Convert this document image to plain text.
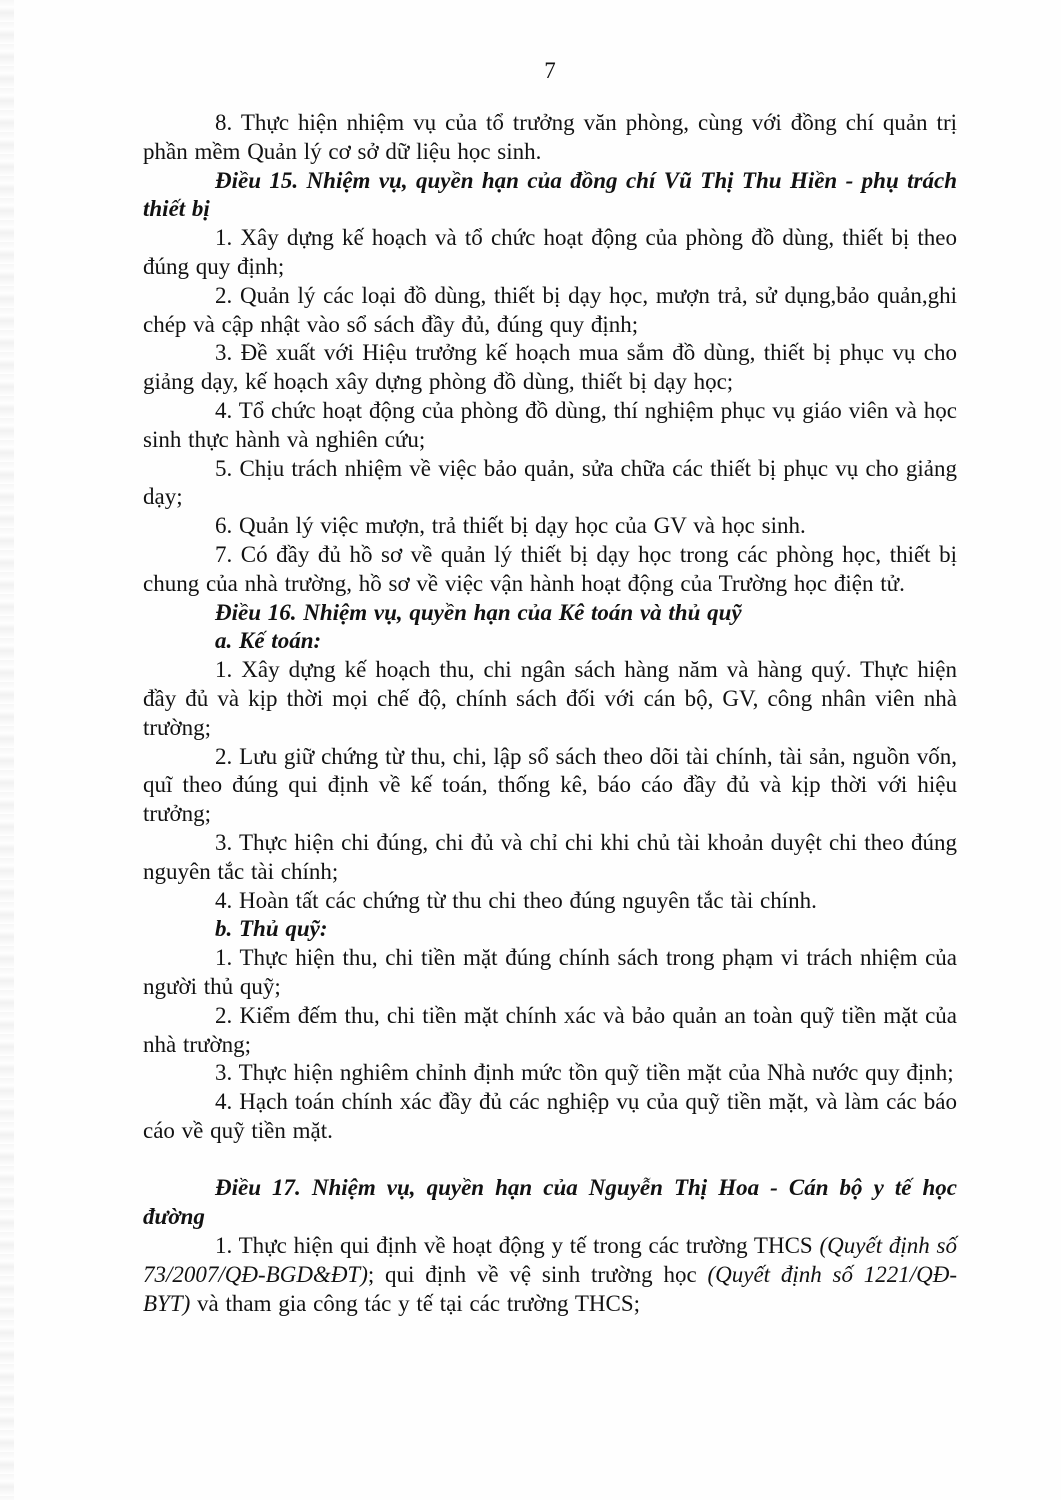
7

8. Thực hiện nhiệm vụ của tổ trưởng văn phòng, cùng với đồng chí quản trị phần mềm Quản lý cơ sở dữ liệu học sinh.

Điều 15. Nhiệm vụ, quyền hạn của đồng chí Vũ Thị Thu Hiền - phụ trách thiết bị

1. Xây dựng kế hoạch và tổ chức hoạt động của phòng đồ dùng, thiết bị theo đúng quy định;

2. Quản lý các loại đồ dùng, thiết bị dạy học, mượn trả, sử dụng,bảo quản,ghi chép và cập nhật vào sổ sách đầy đủ, đúng quy định;

3. Đề xuất với Hiệu trưởng kế hoạch mua sắm đồ dùng, thiết bị phục vụ cho giảng dạy, kế hoạch xây dựng phòng đồ dùng, thiết bị dạy học;

4. Tổ chức hoạt động của phòng đồ dùng, thí nghiệm phục vụ giáo viên và học sinh thực hành và nghiên cứu;

5. Chịu trách nhiệm về việc bảo quản, sửa chữa các thiết bị phục vụ cho giảng dạy;

6. Quản lý việc mượn, trả thiết bị dạy học của GV và học sinh.

7. Có đầy đủ hồ sơ về quản lý thiết bị dạy học trong các phòng học, thiết bị chung của nhà trường, hồ sơ về việc vận hành hoạt động của Trường học điện tử.

Điều 16. Nhiệm vụ, quyền hạn của Kê toán và thủ quỹ

a. Kế toán:

1. Xây dựng kế hoạch thu, chi ngân sách hàng năm và hàng quý. Thực hiện đầy đủ và kịp thời mọi chế độ, chính sách đối với cán bộ, GV, công nhân viên nhà trường;

2. Lưu giữ chứng từ thu, chi, lập sổ sách theo dõi tài chính, tài sản, nguồn vốn, quĩ theo đúng qui định về kế toán, thống kê, báo cáo đầy đủ và kịp thời với hiệu trưởng;

3. Thực hiện chi đúng, chi đủ và chỉ chi khi chủ tài khoản duyệt chi theo đúng nguyên tắc tài chính;

4. Hoàn tất các chứng từ thu chi theo đúng nguyên tắc tài chính.

b. Thủ quỹ:

1. Thực hiện thu, chi tiền mặt đúng chính sách trong phạm vi trách nhiệm của người thủ quỹ;

2. Kiểm đếm thu, chi tiền mặt chính xác và bảo quản an toàn quỹ tiền mặt của nhà trường;

3. Thực hiện nghiêm chỉnh định mức tồn quỹ tiền mặt của Nhà nước quy định;

4. Hạch toán chính xác đầy đủ các nghiệp vụ của quỹ tiền mặt, và làm các báo cáo về quỹ tiền mặt.

Điều 17. Nhiệm vụ, quyền hạn của Nguyễn Thị Hoa - Cán bộ y tế học đường

1. Thực hiện qui định về hoạt động y tế trong các trường THCS (Quyết định số 73/2007/QĐ-BGD&ĐT); qui định về vệ sinh trường học (Quyết định số 1221/QĐ-BYT) và tham gia công tác y tế tại các trường THCS;
